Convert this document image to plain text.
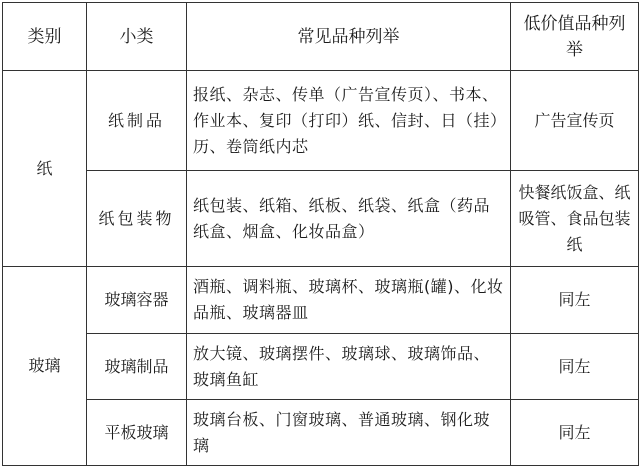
类别	小类	常见品种列举	低价值品种列举
纸	纸制品	报纸、杂志、传单（广告宣传页）、书本、作业本、复印（打印）纸、信封、日（挂）历、卷筒纸内芯	广告宣传页
	纸包装物	纸包装、纸箱、纸板、纸袋、纸盒（药品纸盒、烟盒、化妆品盒）	快餐纸饭盒、纸吸管、食品包装纸
玻璃	玻璃容器	酒瓶、调料瓶、玻璃杯、玻璃瓶(罐)、化妆品瓶、玻璃器皿	同左
	玻璃制品	放大镜、玻璃摆件、玻璃球、玻璃饰品、玻璃鱼缸	同左
	平板玻璃	玻璃台板、门窗玻璃、普通玻璃、钢化玻璃	同左
